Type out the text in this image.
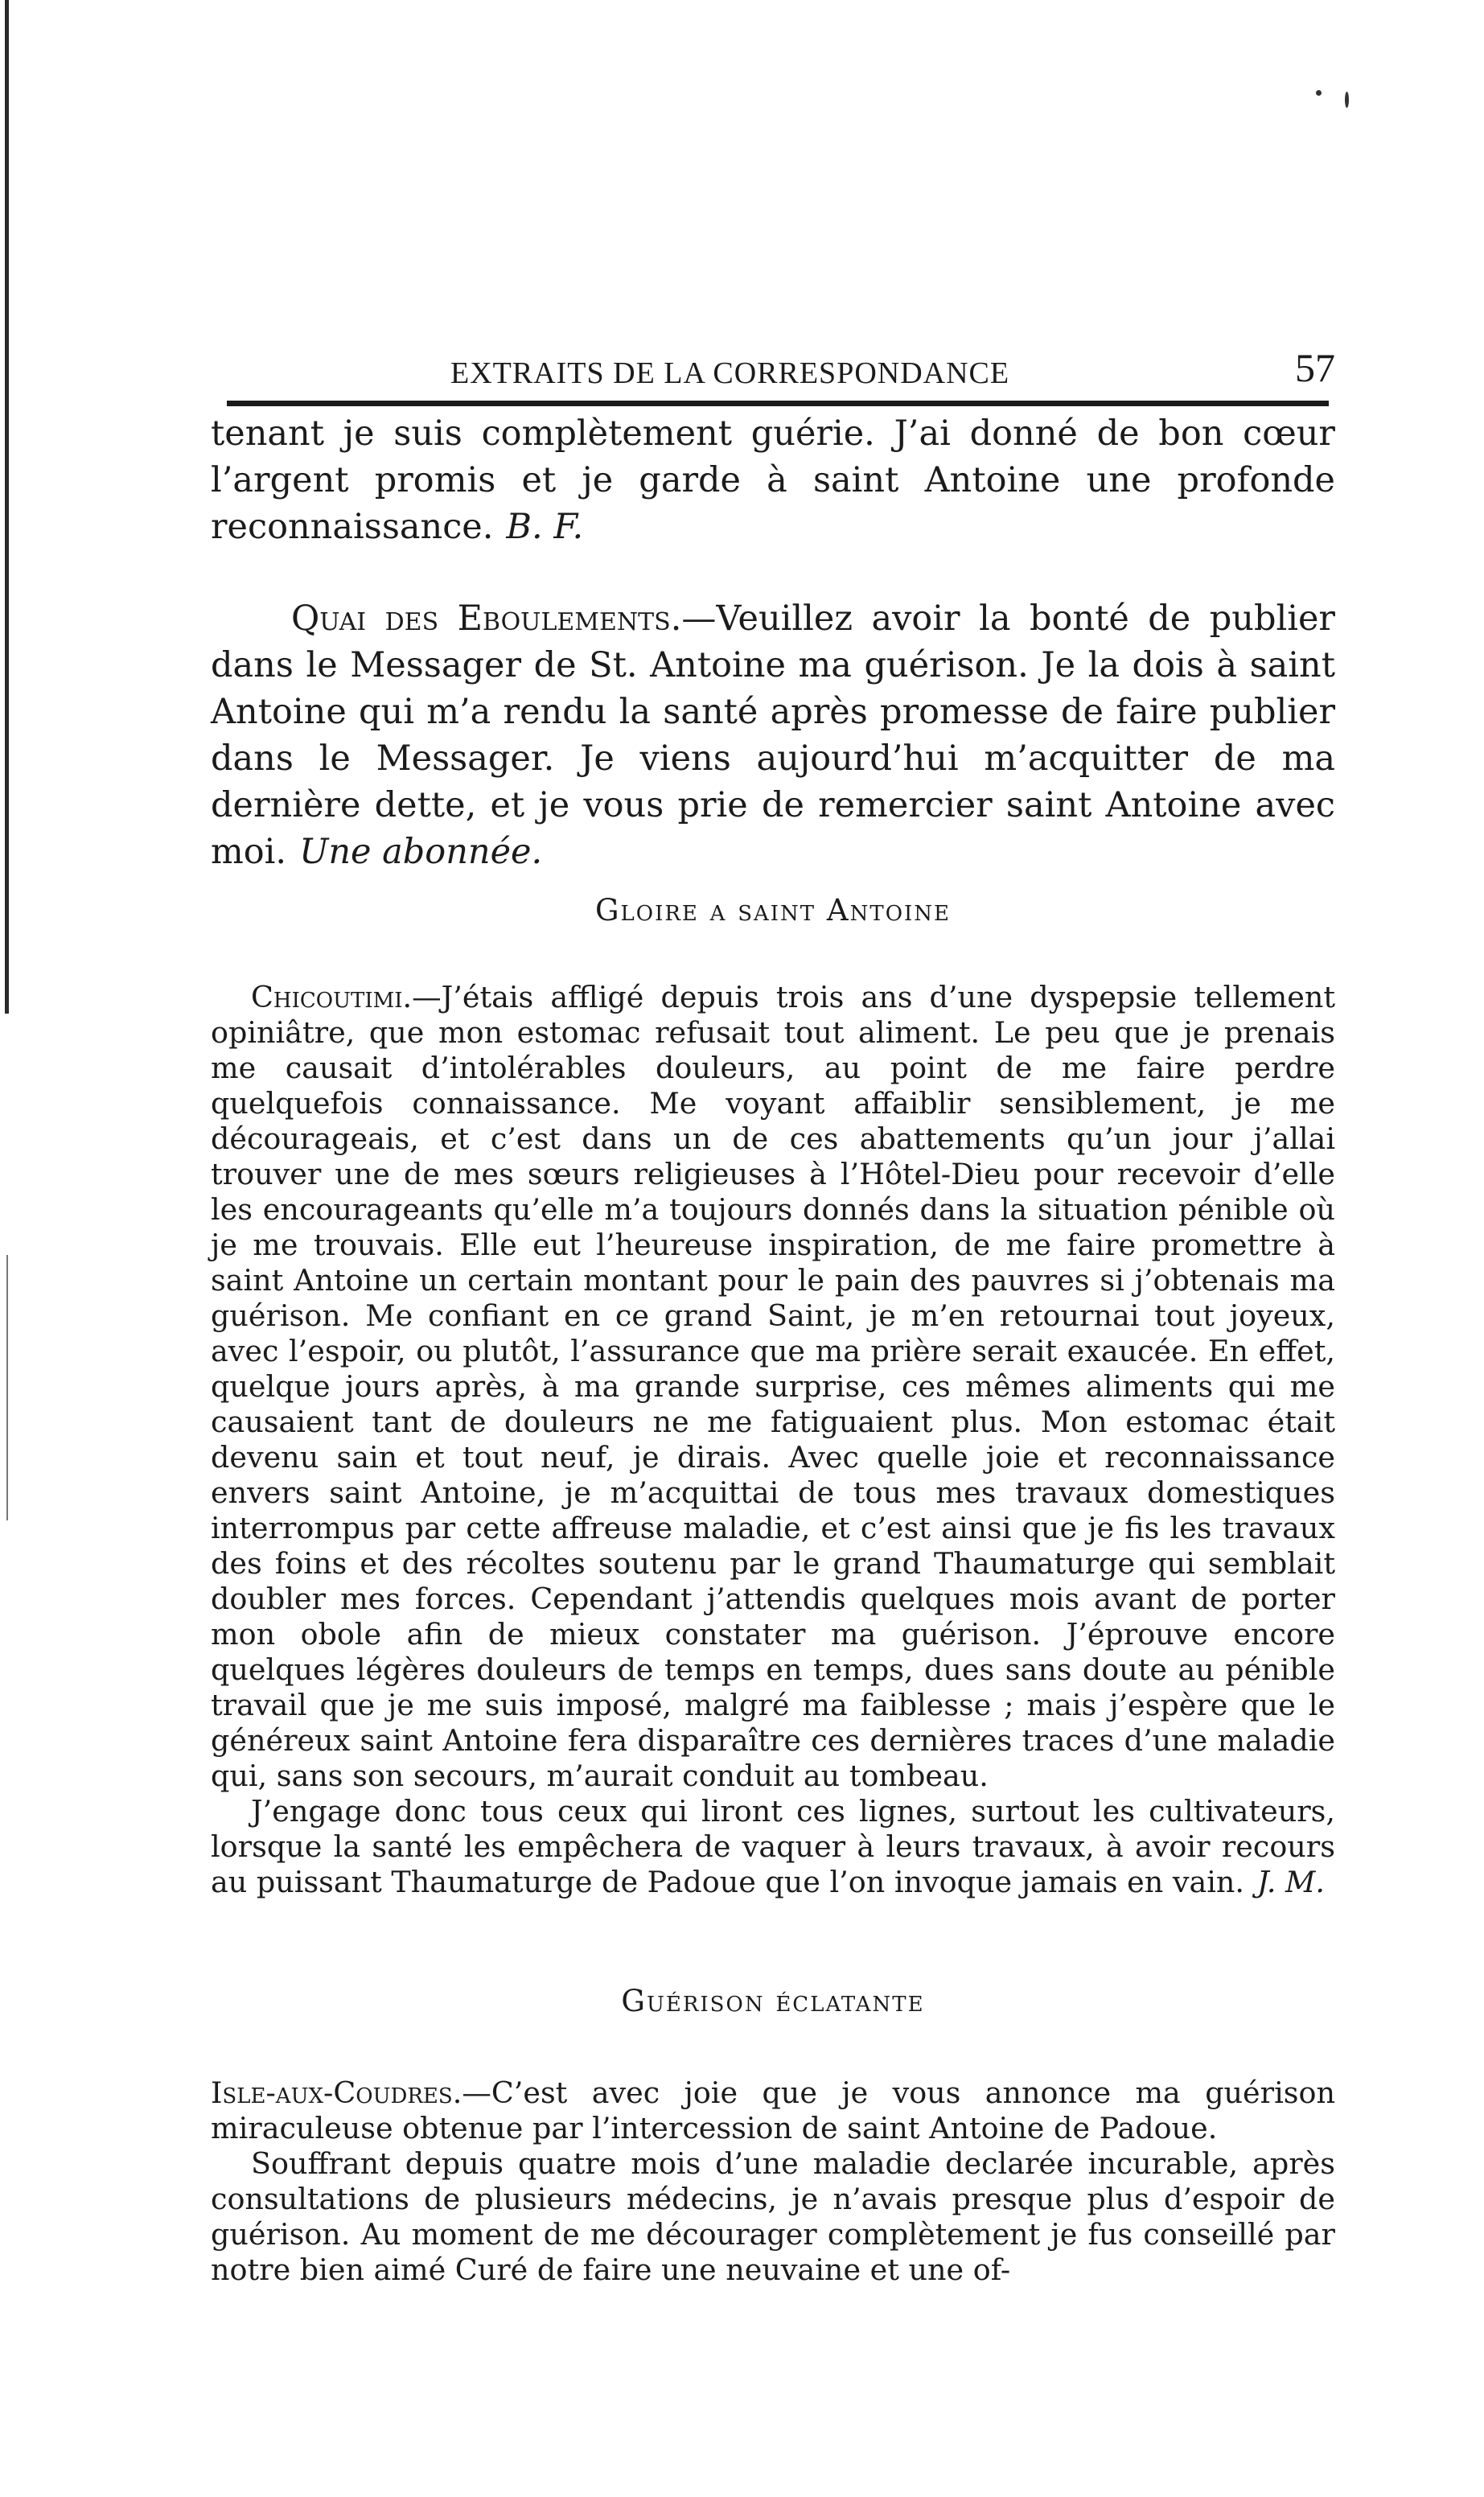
EXTRAITS DE LA CORRESPONDANCE	57

tenant je suis complètement guérie. J’ai donné de bon cœur l’argent promis et je garde à saint Antoine une profonde reconnaissance. B. F.

Quai des Eboulements.—Veuillez avoir la bonté de publier dans le Messager de St. Antoine ma guérison. Je la dois à saint Antoine qui m’a rendu la santé après promesse de faire publier dans le Messager. Je viens aujourd’hui m’acquitter de ma dernière dette, et je vous prie de remercier saint Antoine avec moi. Une abonnée.

Gloire a saint Antoine

Chicoutimi.—J’étais affligé depuis trois ans d’une dyspepsie tellement opiniâtre, que mon estomac refusait tout aliment. Le peu que je prenais me causait d’intolérables douleurs, au point de me faire perdre quelquefois connaissance. Me voyant affaiblir sensiblement, je me décourageais, et c’est dans un de ces abattements qu’un jour j’allai trouver une de mes sœurs religieuses à l’Hôtel-Dieu pour recevoir d’elle les encourageants qu’elle m’a toujours donnés dans la situation pénible où je me trouvais. Elle eut l’heureuse inspiration, de me faire promettre à saint Antoine un certain montant pour le pain des pauvres si j’obtenais ma guérison. Me confiant en ce grand Saint, je m’en retournai tout joyeux, avec l’espoir, ou plutôt, l’assurance que ma prière serait exaucée. En effet, quelque jours après, à ma grande surprise, ces mêmes aliments qui me causaient tant de douleurs ne me fatiguaient plus. Mon estomac était devenu sain et tout neuf, je dirais. Avec quelle joie et reconnaissance envers saint Antoine, je m’acquittai de tous mes travaux domestiques interrompus par cette affreuse maladie, et c’est ainsi que je fis les travaux des foins et des récoltes soutenu par le grand Thaumaturge qui semblait doubler mes forces. Cependant j’attendis quelques mois avant de porter mon obole afin de mieux constater ma guérison. J’éprouve encore quelques légères douleurs de temps en temps, dues sans doute au pénible travail que je me suis imposé, malgré ma faiblesse ; mais j’espère que le généreux saint Antoine fera disparaître ces dernières traces d’une maladie qui, sans son secours, m’aurait conduit au tombeau.

J’engage donc tous ceux qui liront ces lignes, surtout les cultivateurs, lorsque la santé les empêchera de vaquer à leurs travaux, à avoir recours au puissant Thaumaturge de Padoue que l’on invoque jamais en vain. J. M.

Guérison éclatante

Isle-aux-Coudres.—C’est avec joie que je vous annonce ma guérison miraculeuse obtenue par l’intercession de saint Antoine de Padoue.

Souffrant depuis quatre mois d’une maladie declarée incurable, après consultations de plusieurs médecins, je n’avais presque plus d’espoir de guérison. Au moment de me décourager complètement je fus conseillé par notre bien aimé Curé de faire une neuvaine et une of-
